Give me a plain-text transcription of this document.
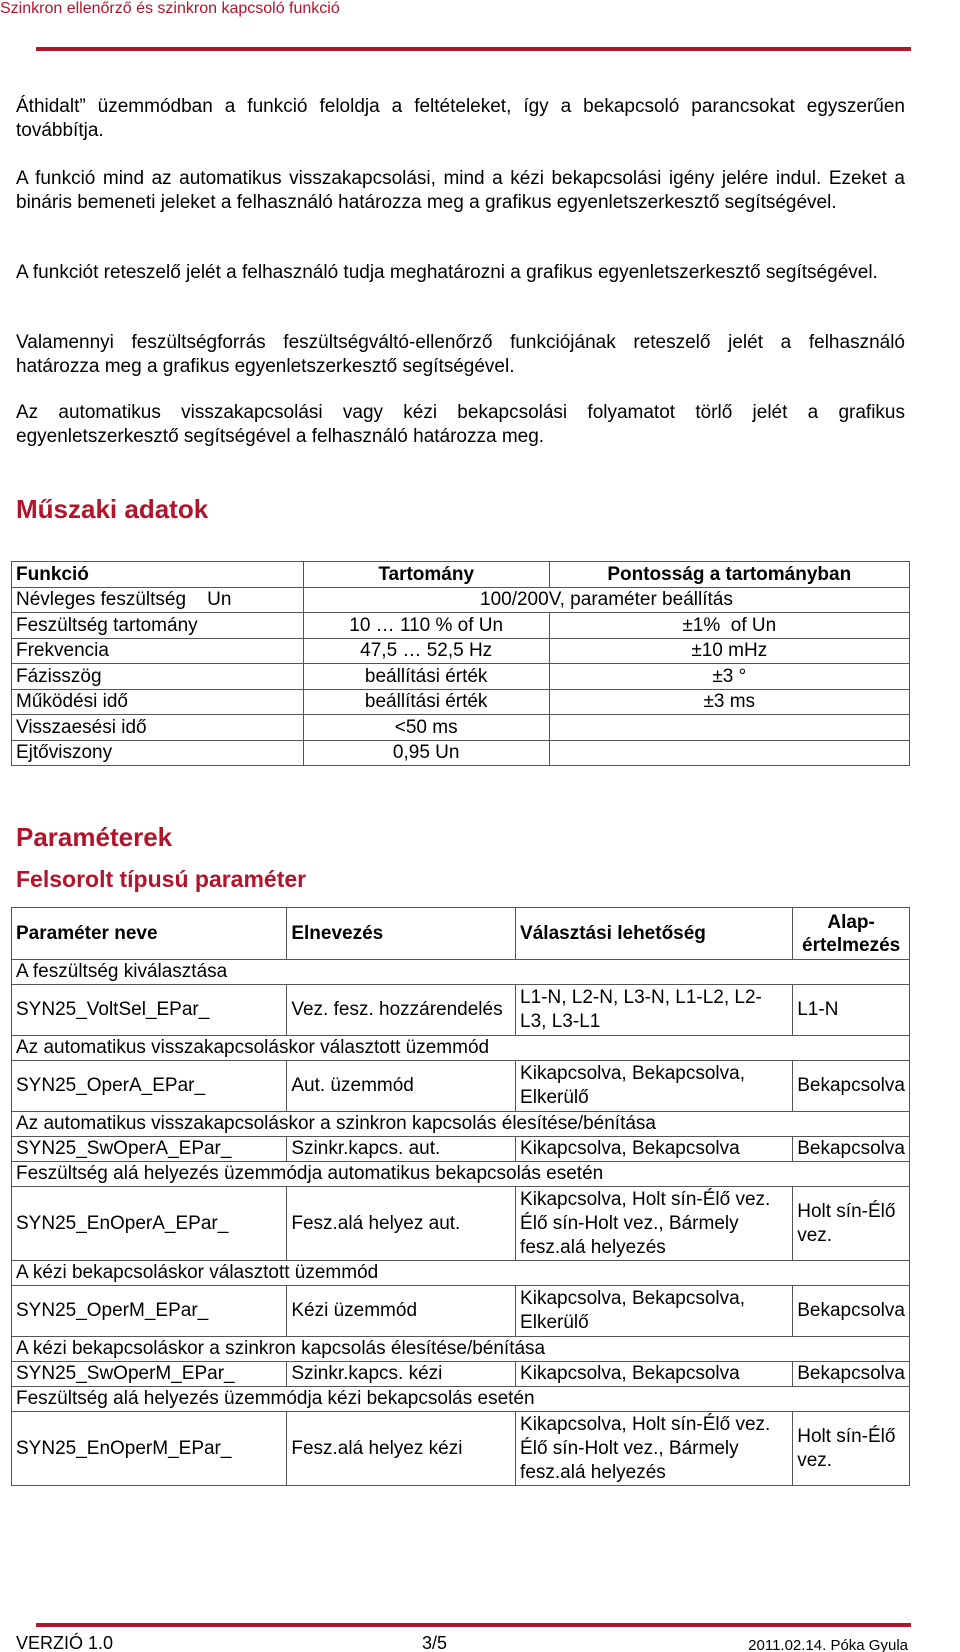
Szinkron ellenőrző és szinkron kapcsoló funkció
Áthidalt” üzemmódban a funkció feloldja a feltételeket, így a bekapcsoló parancsokat egyszerűen továbbítja.
A funkció mind az automatikus visszakapcsolási, mind a kézi bekapcsolási igény jelére indul. Ezeket a bináris bemeneti jeleket a felhasználó határozza meg a grafikus egyenletszerkesztő segítségével.
A funkciót reteszelő jelét a felhasználó tudja meghatározni a grafikus egyenletszerkesztő segítségével.
Valamennyi feszültségforrás feszültségváltó-ellenőrző funkciójának reteszelő jelét a felhasználó határozza meg a grafikus egyenletszerkesztő segítségével.
Az automatikus visszakapcsolási vagy kézi bekapcsolási folyamatot törlő jelét a grafikus egyenletszerkesztő segítségével a felhasználó határozza meg.
Műszaki adatok
Funkció	Tartomány	Pontosság a tartományban
Névleges feszültség    Un	100/200V, paraméter beállítás	
Feszültség tartomány	10 … 110 % of Un	±1%  of Un
Frekvencia	47,5 … 52,5 Hz	±10 mHz
Fázisszög	beállítási érték	±3 °
Működési idő	beállítási érték	±3 ms
Visszaesési idő	<50 ms	
Ejtőviszony	0,95 Un	
Paraméterek
Felsorolt típusú paraméter
Paraméter neve	Elnevezés	Választási lehetőség	Alap-értelmezés
A feszültség kiválasztása			
SYN25_VoltSel_EPar_	Vez. fesz. hozzárendelés	L1-N, L2-N, L3-N, L1-L2, L2-L3, L3-L1	L1-N
Az automatikus visszakapcsoláskor választott üzemmód			
SYN25_OperA_EPar_	Aut. üzemmód	Kikapcsolva, Bekapcsolva, Elkerülő	Bekapcsolva
Az automatikus visszakapcsoláskor a szinkron kapcsolás élesítése/bénítása			
SYN25_SwOperA_EPar_	Szinkr.kapcs. aut.	Kikapcsolva, Bekapcsolva	Bekapcsolva
Feszültség alá helyezés üzemmódja automatikus bekapcsolás esetén			
SYN25_EnOperA_EPar_	Fesz.alá helyez aut.	Kikapcsolva, Holt sín-Élő vez. Élő sín-Holt vez., Bármely fesz.alá helyezés	Holt sín-Élő vez.
A kézi bekapcsoláskor választott üzemmód			
SYN25_OperM_EPar_	Kézi üzemmód	Kikapcsolva, Bekapcsolva, Elkerülő	Bekapcsolva
A kézi bekapcsoláskor a szinkron kapcsolás élesítése/bénítása			
SYN25_SwOperM_EPar_	Szinkr.kapcs. kézi	Kikapcsolva, Bekapcsolva	Bekapcsolva
Feszültség alá helyezés üzemmódja kézi bekapcsolás esetén			
SYN25_EnOperM_EPar_	Fesz.alá helyez kézi	Kikapcsolva, Holt sín-Élő vez. Élő sín-Holt vez., Bármely fesz.alá helyezés	Holt sín-Élő vez.
VERZIÓ 1.0	3/5	2011.02.14. Póka Gyula
